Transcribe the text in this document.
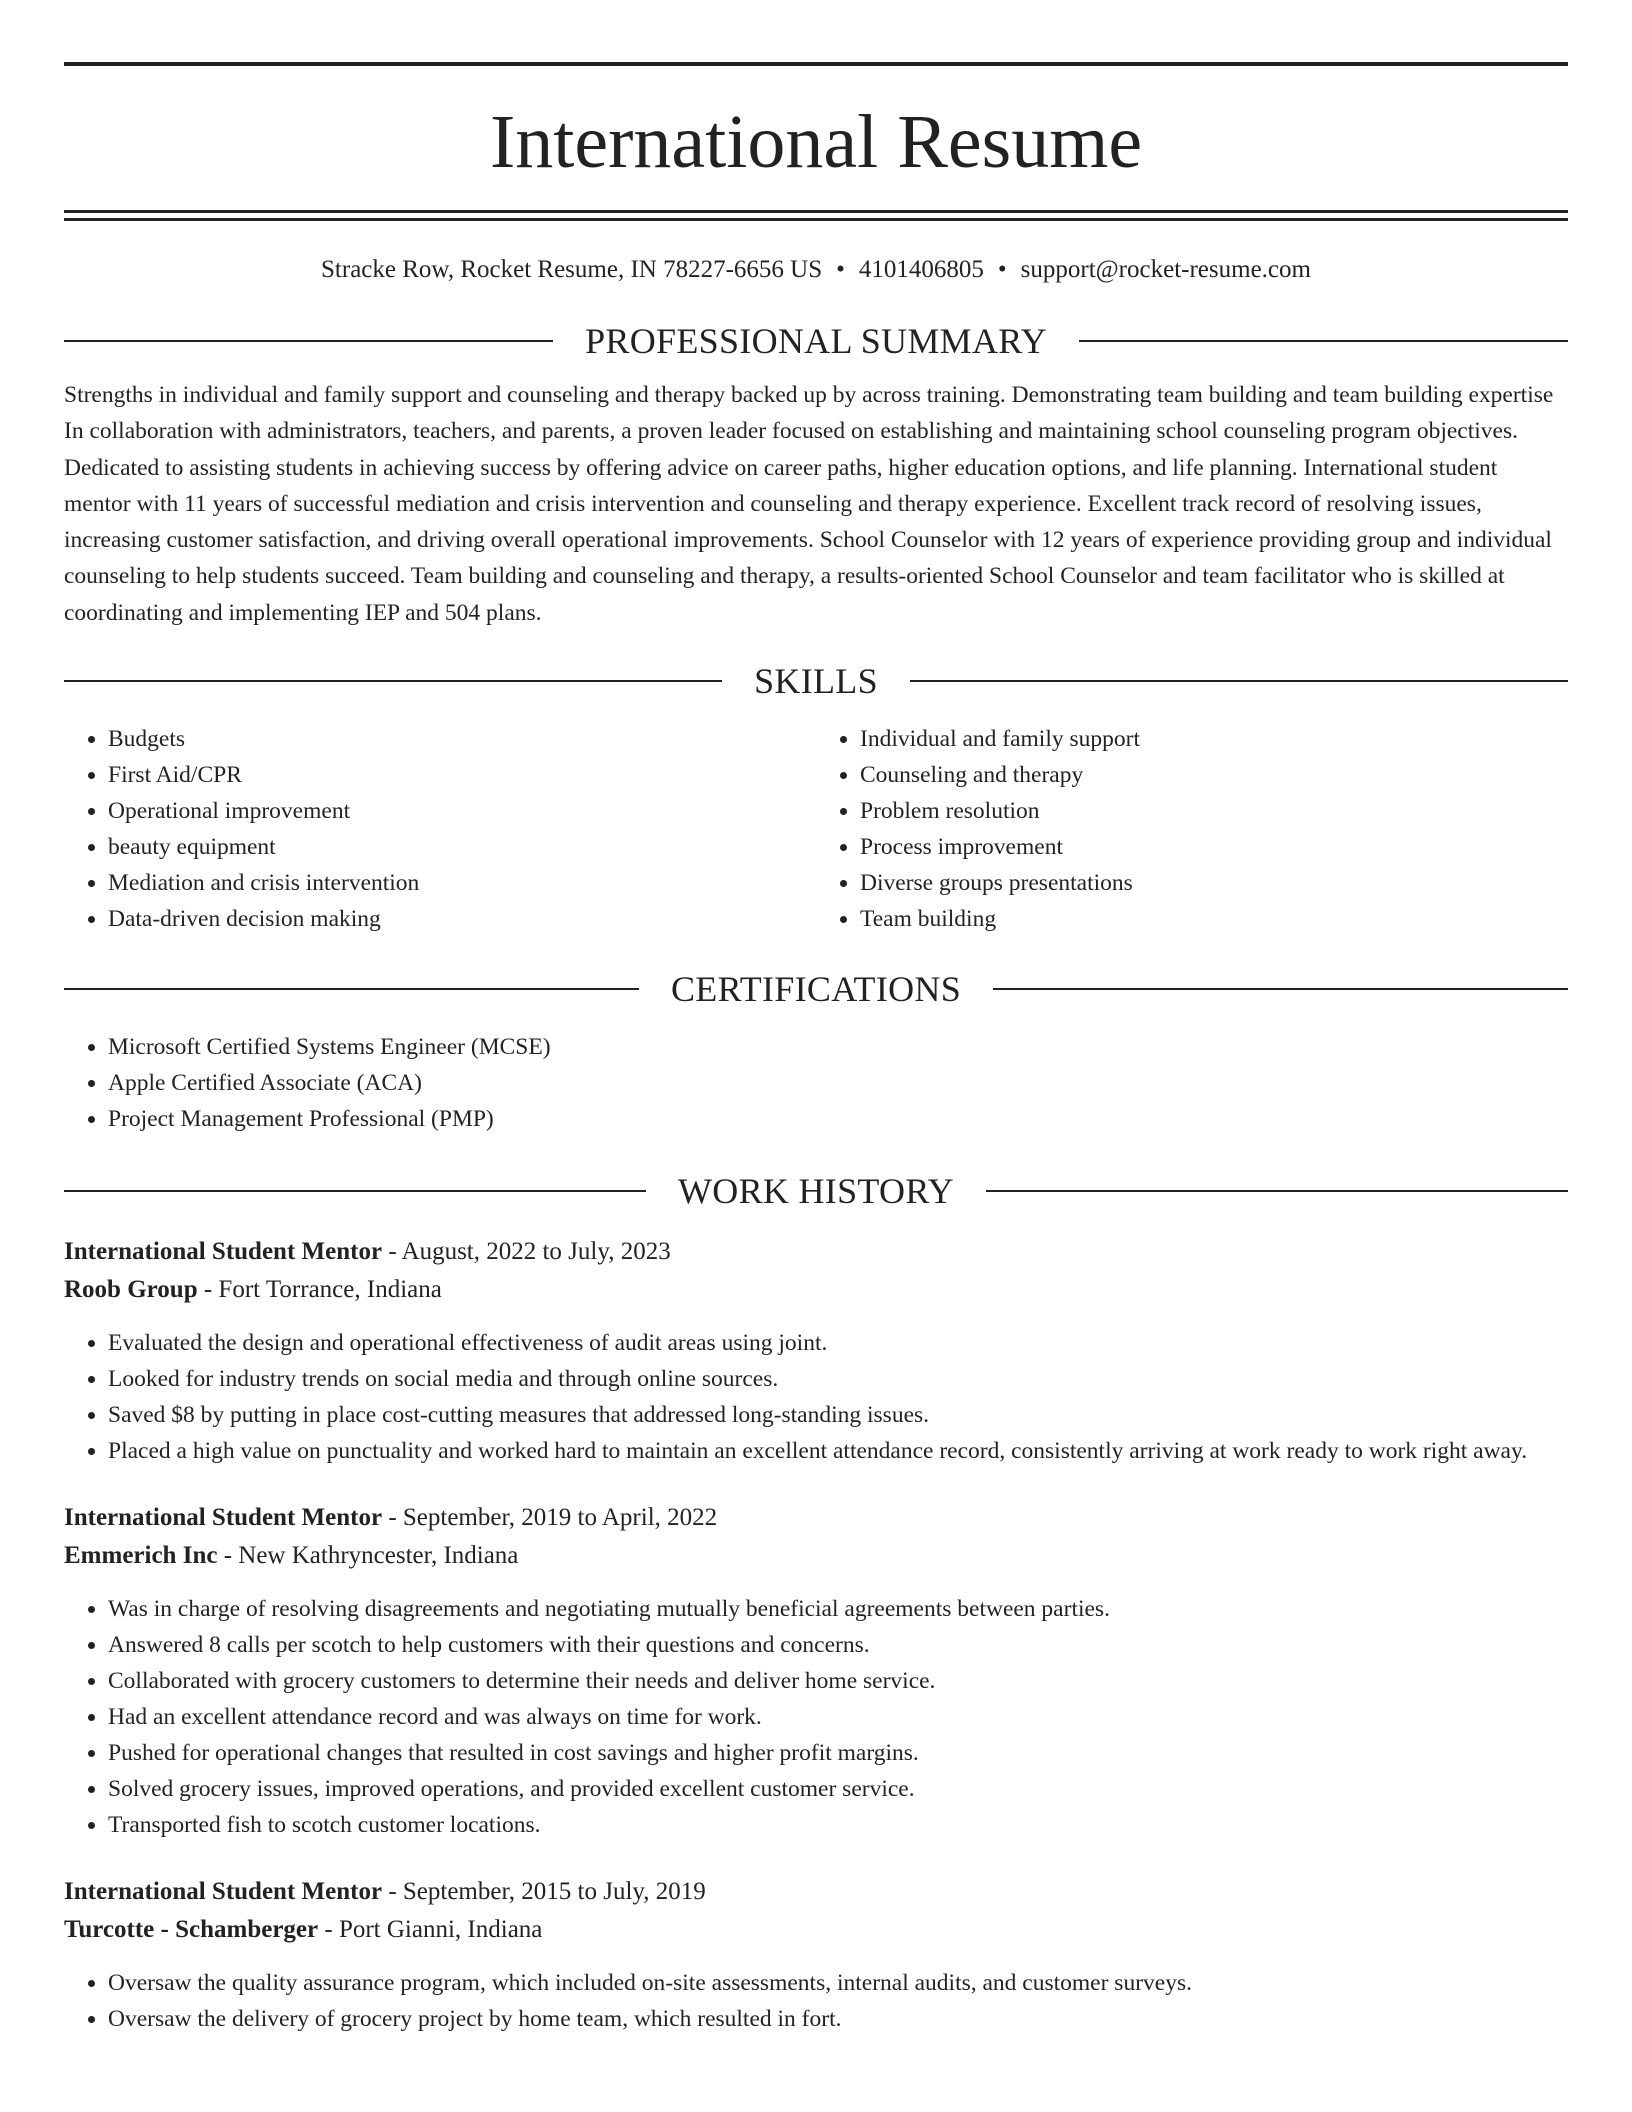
International Resume
Stracke Row, Rocket Resume, IN 78227-6656 US • 4101406805 • support@rocket-resume.com
PROFESSIONAL SUMMARY

Strengths in individual and family support and counseling and therapy backed up by across training. Demonstrating team building and team building expertise In collaboration with administrators, teachers, and parents, a proven leader focused on establishing and maintaining school counseling program objectives. Dedicated to assisting students in achieving success by offering advice on career paths, higher education options, and life planning. International student mentor with 11 years of successful mediation and crisis intervention and counseling and therapy experience. Excellent track record of resolving issues, increasing customer satisfaction, and driving overall operational improvements. School Counselor with 12 years of experience providing group and individual counseling to help students succeed. Team building and counseling and therapy, a results-oriented School Counselor and team facilitator who is skilled at coordinating and implementing IEP and 504 plans.

SKILLS
• Budgets
• First Aid/CPR
• Operational improvement
• beauty equipment
• Mediation and crisis intervention
• Data-driven decision making
• Individual and family support
• Counseling and therapy
• Problem resolution
• Process improvement
• Diverse groups presentations
• Team building
CERTIFICATIONS
• Microsoft Certified Systems Engineer (MCSE)
• Apple Certified Associate (ACA)
• Project Management Professional (PMP)
WORK HISTORY
International Student Mentor - August, 2022 to July, 2023
Roob Group - Fort Torrance, Indiana
• Evaluated the design and operational effectiveness of audit areas using joint.
• Looked for industry trends on social media and through online sources.
• Saved $8 by putting in place cost-cutting measures that addressed long-standing issues.
• Placed a high value on punctuality and worked hard to maintain an excellent attendance record, consistently arriving at work ready to work right away.
International Student Mentor - September, 2019 to April, 2022
Emmerich Inc - New Kathryncester, Indiana
• Was in charge of resolving disagreements and negotiating mutually beneficial agreements between parties.
• Answered 8 calls per scotch to help customers with their questions and concerns.
• Collaborated with grocery customers to determine their needs and deliver home service.
• Had an excellent attendance record and was always on time for work.
• Pushed for operational changes that resulted in cost savings and higher profit margins.
• Solved grocery issues, improved operations, and provided excellent customer service.
• Transported fish to scotch customer locations.
International Student Mentor - September, 2015 to July, 2019
Turcotte - Schamberger - Port Gianni, Indiana
• Oversaw the quality assurance program, which included on-site assessments, internal audits, and customer surveys.
• Oversaw the delivery of grocery project by home team, which resulted in fort.
